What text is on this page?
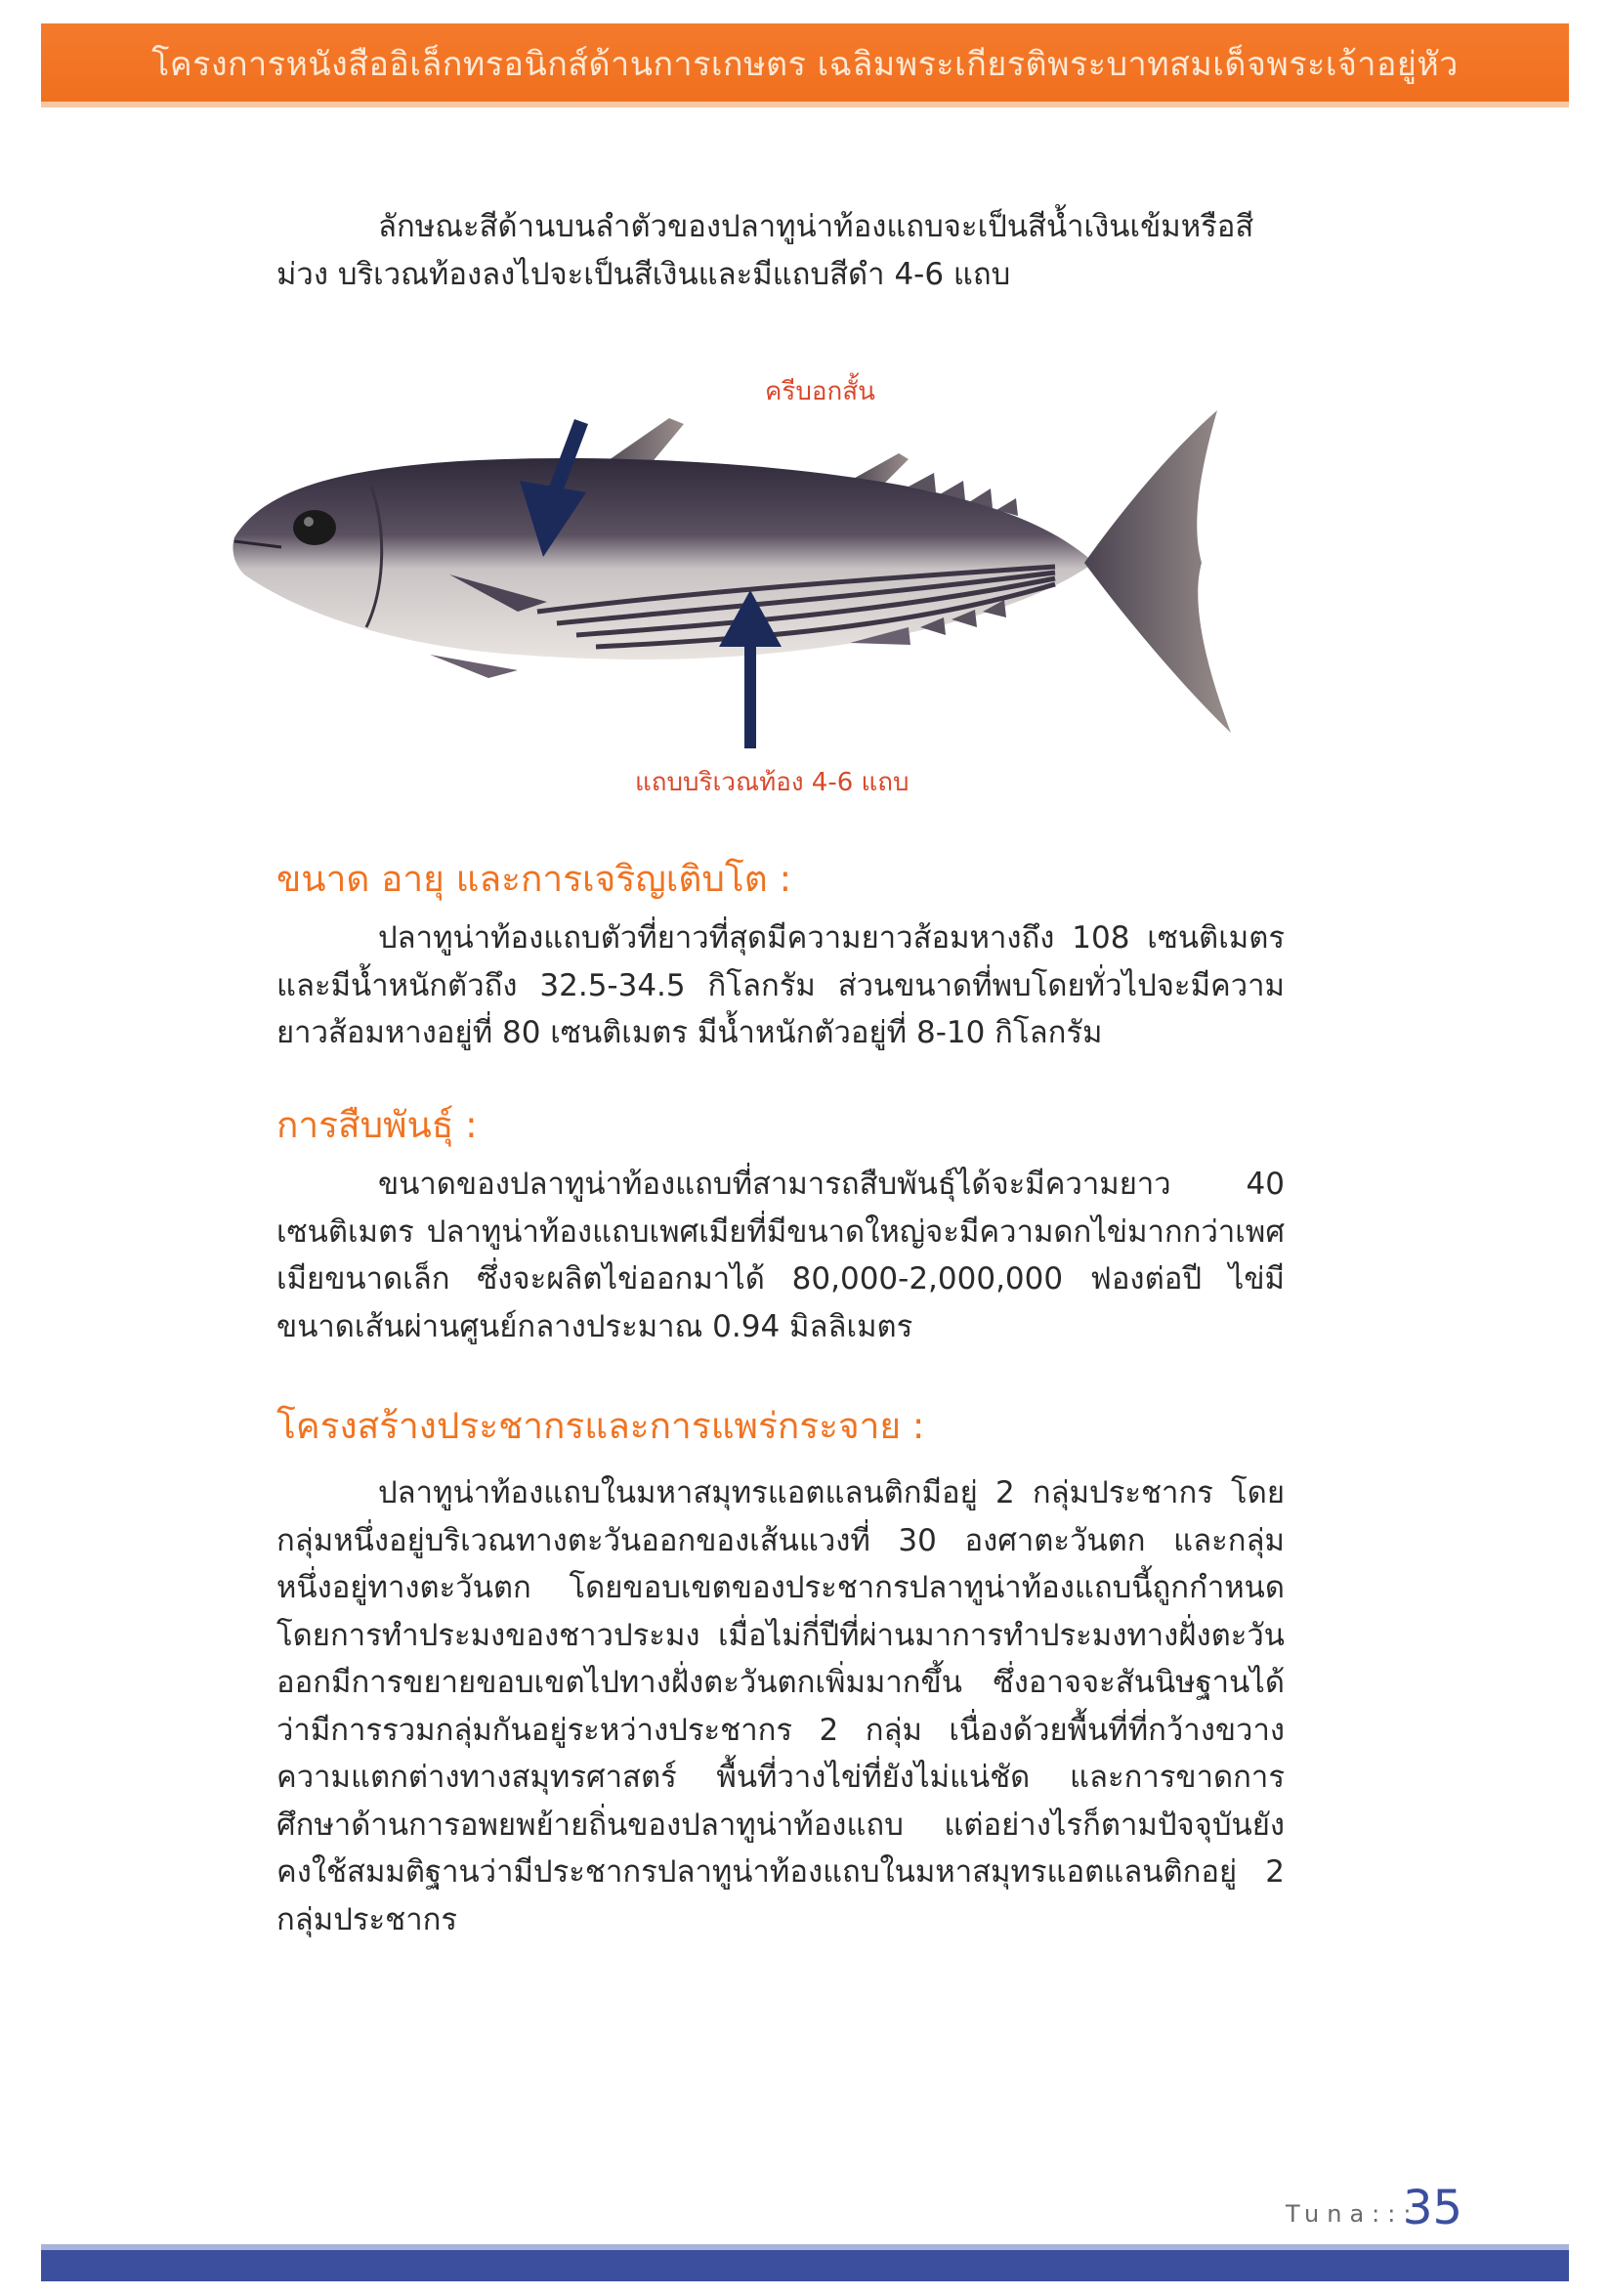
โครงการหนังสืออิเล็กทรอนิกส์ด้านการเกษตร เฉลิมพระเกียรติพระบาทสมเด็จพระเจ้าอยู่หัว

ลักษณะสีด้านบนลำตัวของปลาทูน่าท้องแถบจะเป็นสีน้ำเงินเข้มหรือสีม่วง บริเวณท้องลงไปจะเป็นสีเงินและมีแถบสีดำ 4-6 แถบ

ครีบอกสั้น
แถบบริเวณท้อง 4-6 แถบ
ขนาด อายุ และการเจริญเติบโต :

ปลาทูน่าท้องแถบตัวที่ยาวที่สุดมีความยาวส้อมหางถึง 108 เซนติเมตร และมีน้ำหนักตัวถึง 32.5-34.5 กิโลกรัม ส่วนขนาดที่พบโดยทั่วไปจะมีความยาวส้อมหางอยู่ที่ 80 เซนติเมตร มีน้ำหนักตัวอยู่ที่ 8-10 กิโลกรัม

การสืบพันธุ์ :

ขนาดของปลาทูน่าท้องแถบที่สามารถสืบพันธุ์ได้จะมีความยาว 40 เซนติเมตร ปลาทูน่าท้องแถบเพศเมียที่มีขนาดใหญ่จะมีความดกไข่มากกว่าเพศเมียขนาดเล็ก ซึ่งจะผลิตไข่ออกมาได้ 80,000-2,000,000 ฟองต่อปี ไข่มีขนาดเส้นผ่านศูนย์กลางประมาณ 0.94 มิลลิเมตร

โครงสร้างประชากรและการแพร่กระจาย :

ปลาทูน่าท้องแถบในมหาสมุทรแอตแลนติกมีอยู่ 2 กลุ่มประชากร โดยกลุ่มหนึ่งอยู่บริเวณทางตะวันออกของเส้นแวงที่ 30 องศาตะวันตก และกลุ่มหนึ่งอยู่ทางตะวันตก โดยขอบเขตของประชากรปลาทูน่าท้องแถบนี้ถูกกำหนดโดยการทำประมงของชาวประมง เมื่อไม่กี่ปีที่ผ่านมาการทำประมงทางฝั่งตะวันออกมีการขยายขอบเขตไปทางฝั่งตะวันตกเพิ่มมากขึ้น ซึ่งอาจจะสันนิษฐานได้ว่ามีการรวมกลุ่มกันอยู่ระหว่างประชากร 2 กลุ่ม เนื่องด้วยพื้นที่ที่กว้างขวาง ความแตกต่างทางสมุทรศาสตร์ พื้นที่วางไข่ที่ยังไม่แน่ชัด และการขาดการศึกษาด้านการอพยพย้ายถิ่นของปลาทูน่าท้องแถบ แต่อย่างไรก็ตามปัจจุบันยังคงใช้สมมติฐานว่ามีประชากรปลาทูน่าท้องแถบในมหาสมุทรแอตแลนติกอยู่ 2 กลุ่มประชากร

Tuna:::
35
